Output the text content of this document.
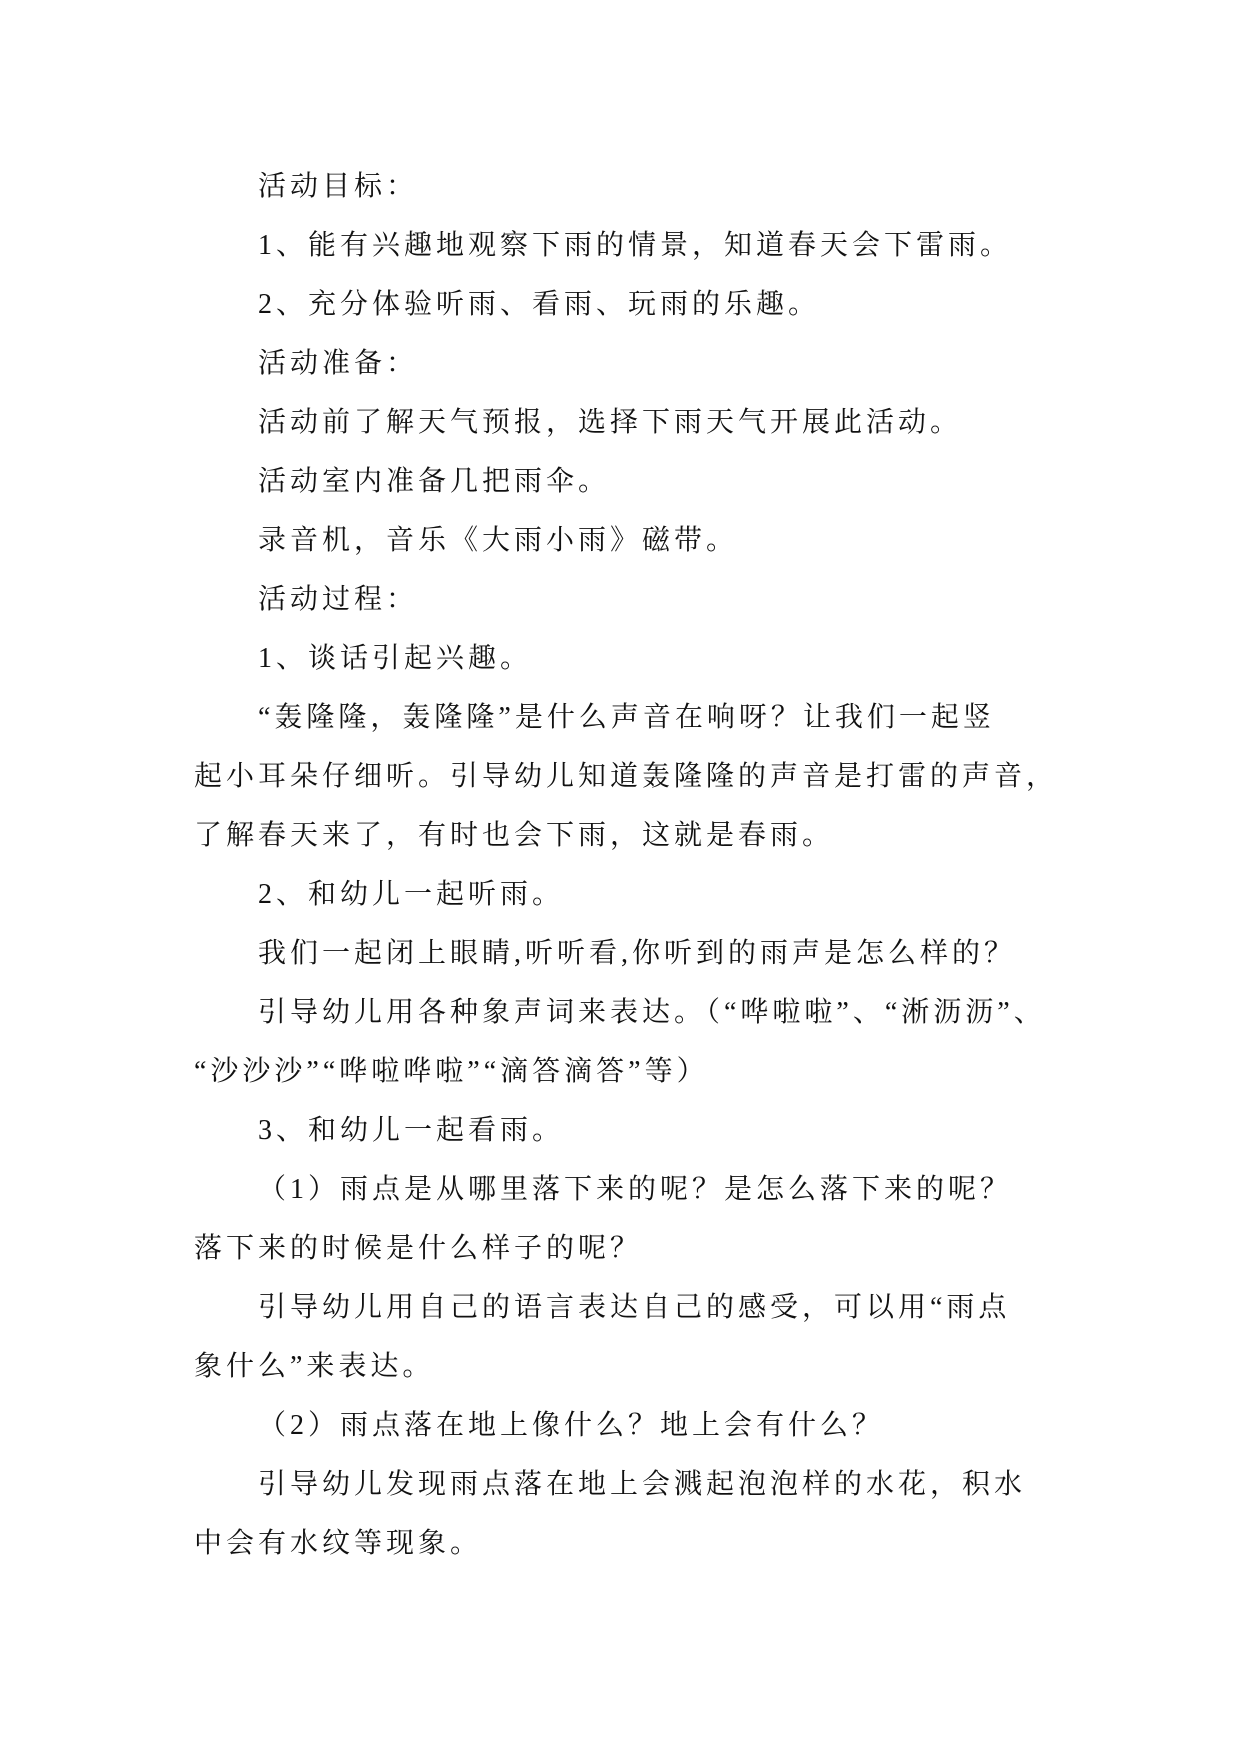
活动目标：
1、能有兴趣地观察下雨的情景，知道春天会下雷雨。
2、充分体验听雨、看雨、玩雨的乐趣。
活动准备：
活动前了解天气预报，选择下雨天气开展此活动。
活动室内准备几把雨伞。
录音机，音乐《大雨小雨》磁带。
活动过程：
1、谈话引起兴趣。
“轰隆隆，轰隆隆”是什么声音在响呀？让我们一起竖
起小耳朵仔细听。引导幼儿知道轰隆隆的声音是打雷的声音，
了解春天来了，有时也会下雨，这就是春雨。
2、和幼儿一起听雨。
我们一起闭上眼睛,听听看,你听到的雨声是怎么样的？
引导幼儿用各种象声词来表达。（“哗啦啦”、“淅沥沥”、
“沙沙沙”“哗啦哗啦”“滴答滴答”等）
3、和幼儿一起看雨。
（1）雨点是从哪里落下来的呢？是怎么落下来的呢？
落下来的时候是什么样子的呢？
引导幼儿用自己的语言表达自己的感受，可以用“雨点
象什么”来表达。
（2）雨点落在地上像什么？地上会有什么？
引导幼儿发现雨点落在地上会溅起泡泡样的水花，积水
中会有水纹等现象。
